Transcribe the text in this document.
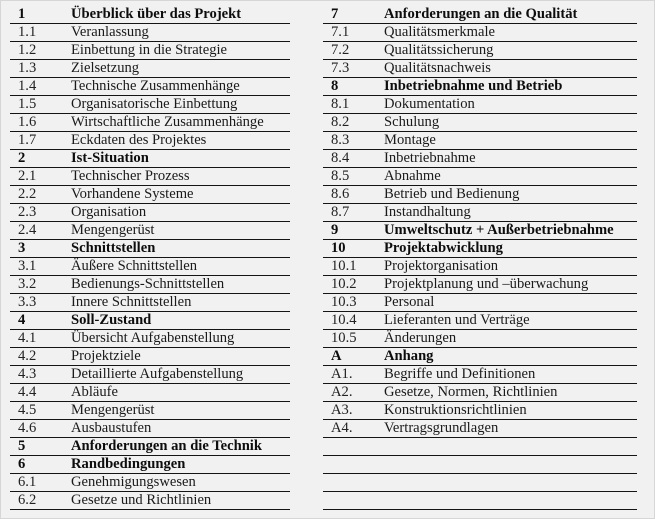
1	Überblick über das Projekt
1.1	Veranlassung
1.2	Einbettung in die Strategie
1.3	Zielsetzung
1.4	Technische Zusammenhänge
1.5	Organisatorische Einbettung
1.6	Wirtschaftliche Zusammenhänge
1.7	Eckdaten des Projektes
2	Ist-Situation
2.1	Technischer Prozess
2.2	Vorhandene Systeme
2.3	Organisation
2.4	Mengengerüst
3	Schnittstellen
3.1	Äußere Schnittstellen
3.2	Bedienungs-Schnittstellen
3.3	Innere Schnittstellen
4	Soll-Zustand
4.1	Übersicht Aufgabenstellung
4.2	Projektziele
4.3	Detaillierte Aufgabenstellung
4.4	Abläufe
4.5	Mengengerüst
4.6	Ausbaustufen
5	Anforderungen an die Technik
6	Randbedingungen
6.1	Genehmigungswesen
6.2	Gesetze und Richtlinien
7	Anforderungen an die Qualität
7.1	Qualitätsmerkmale
7.2	Qualitätssicherung
7.3	Qualitätsnachweis
8	Inbetriebnahme und Betrieb
8.1	Dokumentation
8.2	Schulung
8.3	Montage
8.4	Inbetriebnahme
8.5	Abnahme
8.6	Betrieb und Bedienung
8.7	Instandhaltung
9	Umweltschutz + Außerbetriebnahme
10	Projektabwicklung
10.1	Projektorganisation
10.2	Projektplanung und –überwachung
10.3	Personal
10.4	Lieferanten und Verträge
10.5	Änderungen
A	Anhang
A1.	Begriffe und Definitionen
A2.	Gesetze, Normen, Richtlinien
A3.	Konstruktionsrichtlinien
A4.	Vertragsgrundlagen
